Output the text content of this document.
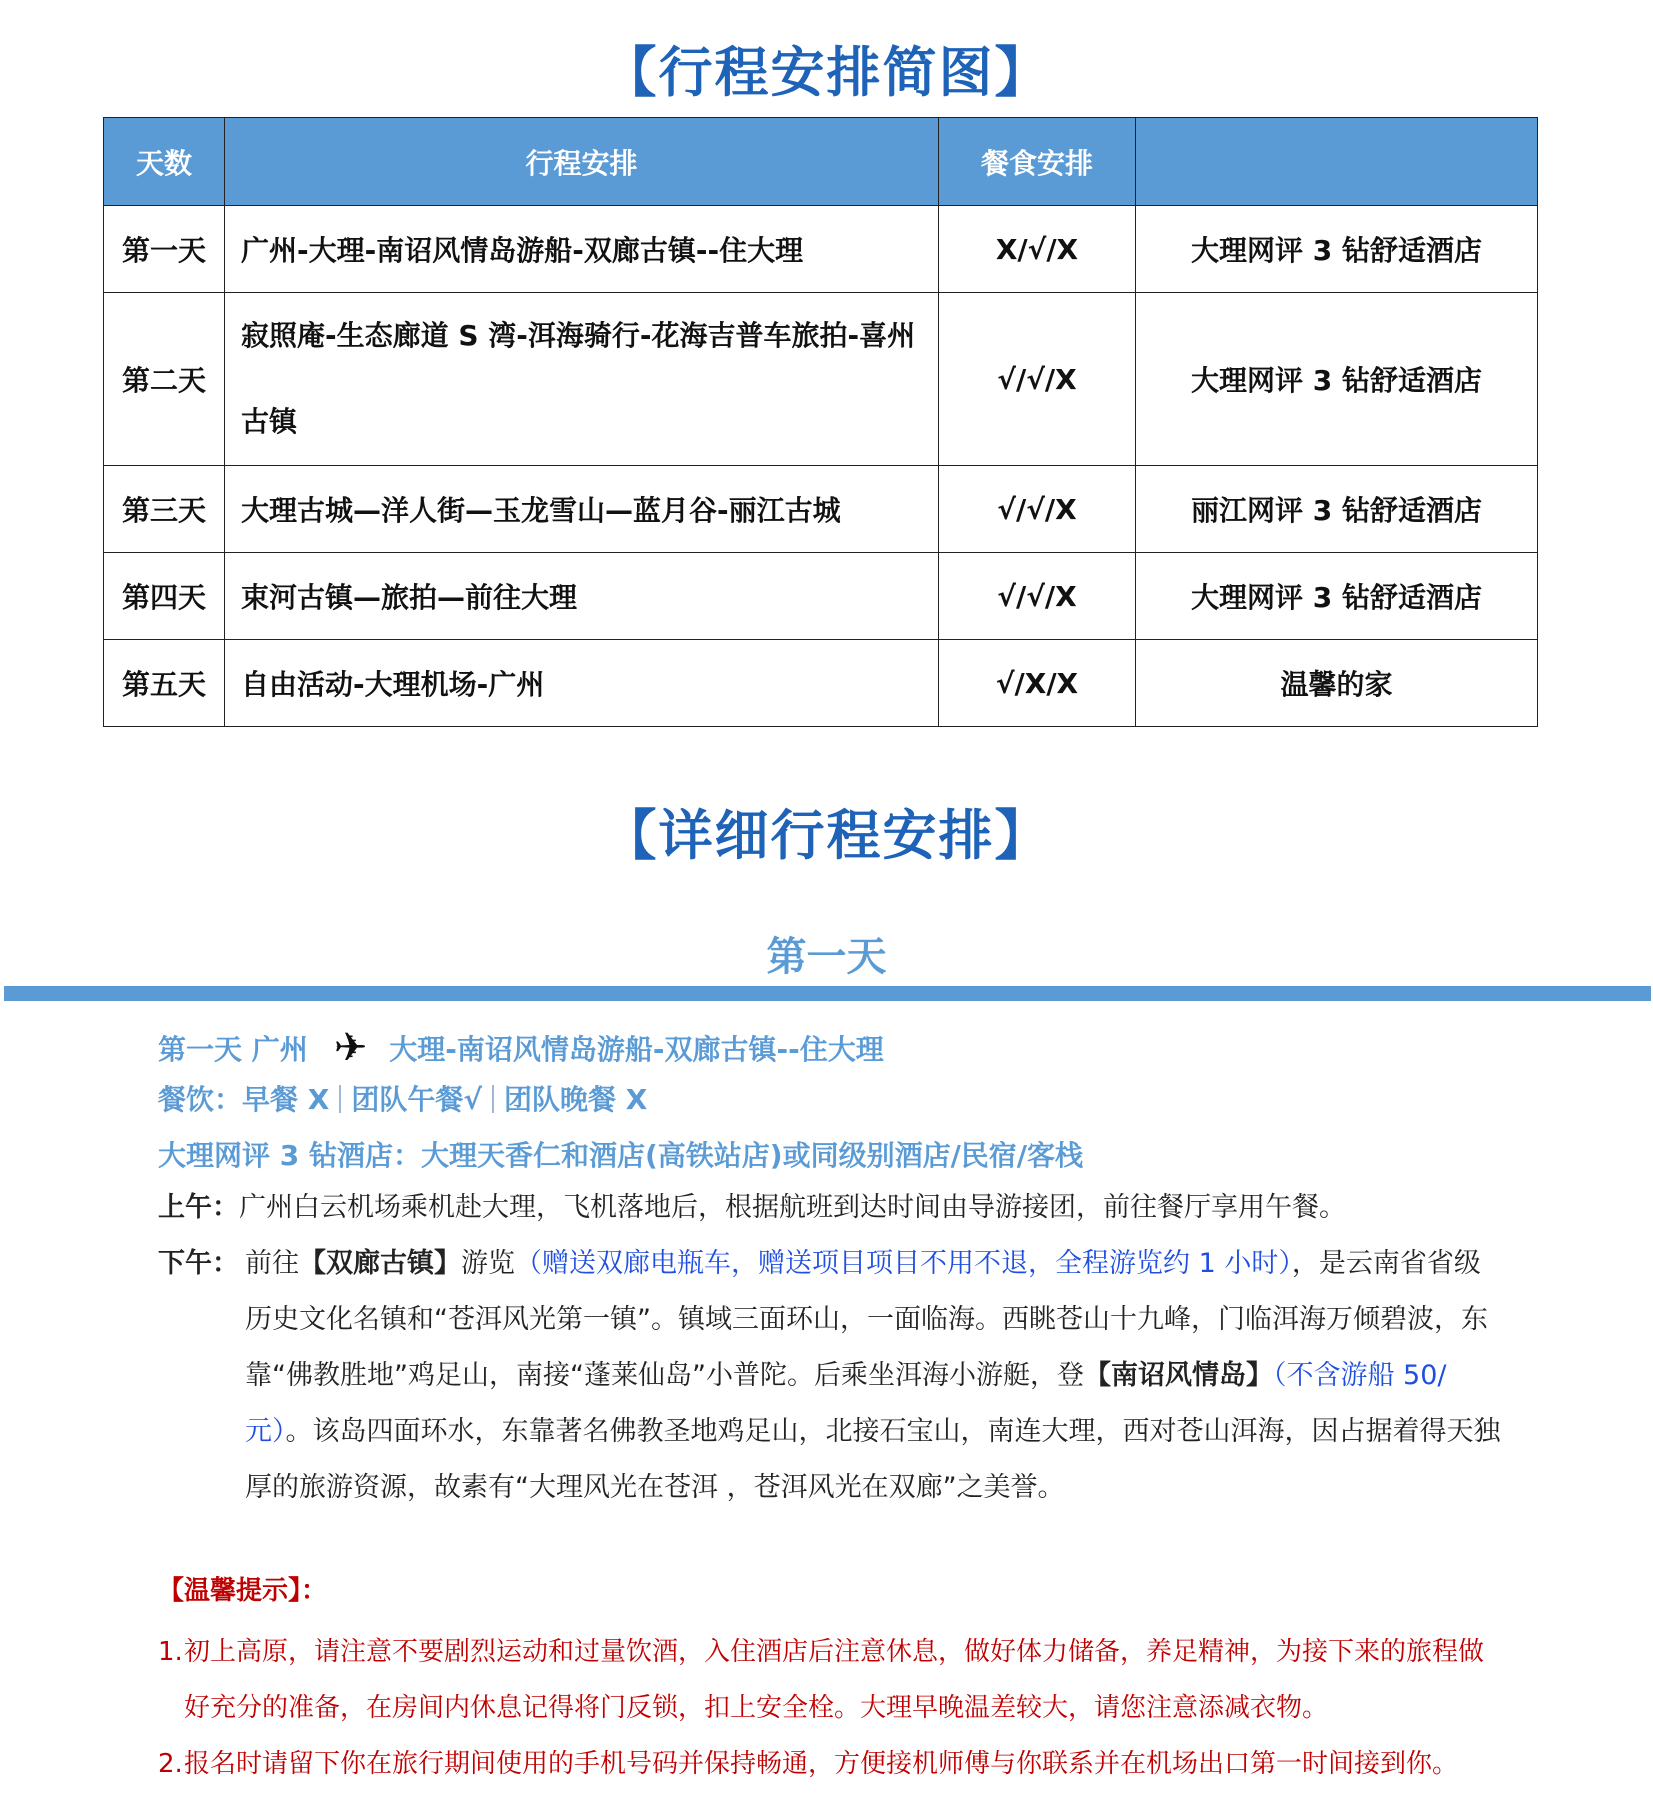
【行程安排简图】
天数	行程安排	餐食安排	
第一天	广州-大理-南诏风情岛游船-双廊古镇--住大理	X/√/X	大理网评 3 钻舒适酒店
第二天	寂照庵-生态廊道 S 湾-洱海骑行-花海吉普车旅拍-喜州古镇	√/√/X	大理网评 3 钻舒适酒店
第三天	大理古城—洋人街—玉龙雪山—蓝月谷-丽江古城	√/√/X	丽江网评 3 钻舒适酒店
第四天	束河古镇—旅拍—前往大理	√/√/X	大理网评 3 钻舒适酒店
第五天	自由活动-大理机场-广州	√/X/X	温馨的家
【详细行程安排】
第一天
第一天 广州 ✈ 大理-南诏风情岛游船-双廊古镇--住大理
餐饮：早餐 X 团队午餐√ 团队晚餐 X
大理网评 3 钻酒店：大理天香仁和酒店(高铁站店)或同级别酒店/民宿/客栈
上午：广州白云机场乘机赴大理，飞机落地后，根据航班到达时间由导游接团，前往餐厅享用午餐。
下午： 前往【双廊古镇】游览（赠送双廊电瓶车，赠送项目项目不用不退，全程游览约 1 小时），是云南省省级历史文化名镇和“苍洱风光第一镇”。镇域三面环山，一面临海。西眺苍山十九峰，门临洱海万倾碧波，东靠“佛教胜地”鸡足山，南接“蓬莱仙岛”小普陀。后乘坐洱海小游艇，登【南诏风情岛】（不含游船 50/元）。该岛四面环水，东靠著名佛教圣地鸡足山，北接石宝山，南连大理，西对苍山洱海，因占据着得天独厚的旅游资源，故素有“大理风光在苍洱 ，苍洱风光在双廊”之美誉。
【温馨提示】：
1. 初上高原，请注意不要剧烈运动和过量饮酒，入住酒店后注意休息，做好体力储备，养足精神，为接下来的旅程做好充分的准备，在房间内休息记得将门反锁，扣上安全栓。大理早晚温差较大，请您注意添减衣物。
2. 报名时请留下你在旅行期间使用的手机号码并保持畅通，方便接机师傅与你联系并在机场出口第一时间接到你。
